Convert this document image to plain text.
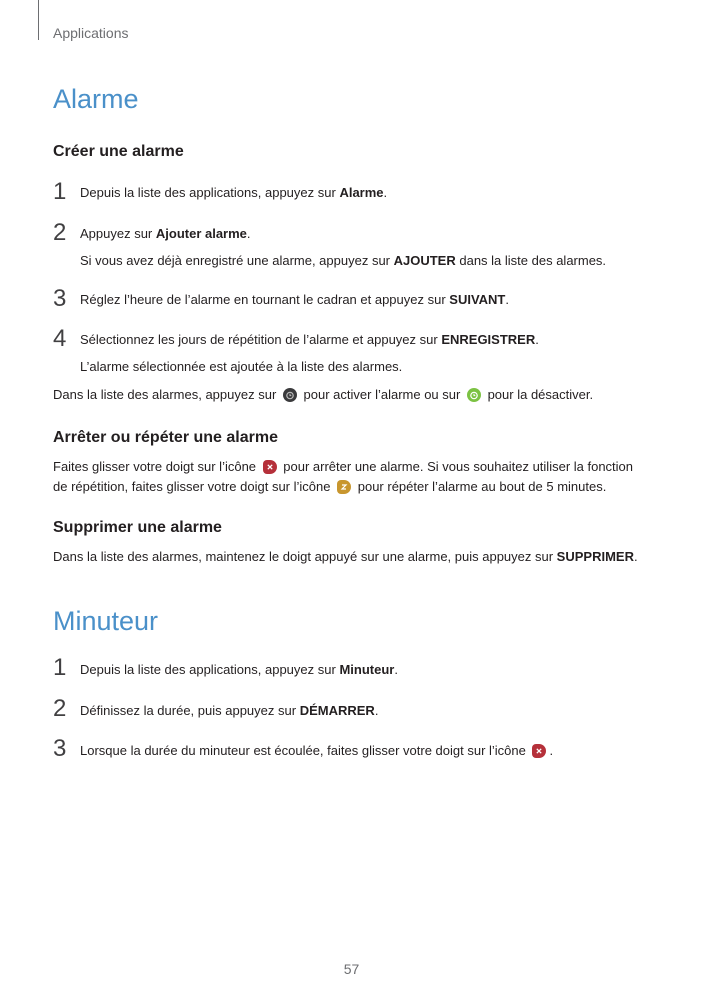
Applications
Alarme
Créer une alarme
1 Depuis la liste des applications, appuyez sur Alarme.
2 Appuyez sur Ajouter alarme.
Si vous avez déjà enregistré une alarme, appuyez sur AJOUTER dans la liste des alarmes.
3 Réglez l’heure de l’alarme en tournant le cadran et appuyez sur SUIVANT.
4 Sélectionnez les jours de répétition de l’alarme et appuyez sur ENREGISTRER.
L’alarme sélectionnée est ajoutée à la liste des alarmes.
Dans la liste des alarmes, appuyez sur pour activer l’alarme ou sur pour la désactiver.
Arrêter ou répéter une alarme
Faites glisser votre doigt sur l’icône pour arrêter une alarme. Si vous souhaitez utiliser la fonction
de répétition, faites glisser votre doigt sur l’icône pour répéter l’alarme au bout de 5 minutes.
Supprimer une alarme
Dans la liste des alarmes, maintenez le doigt appuyé sur une alarme, puis appuyez sur SUPPRIMER.
Minuteur
1 Depuis la liste des applications, appuyez sur Minuteur.
2 Définissez la durée, puis appuyez sur DÉMARRER.
3 Lorsque la durée du minuteur est écoulée, faites glisser votre doigt sur l’icône .
57
